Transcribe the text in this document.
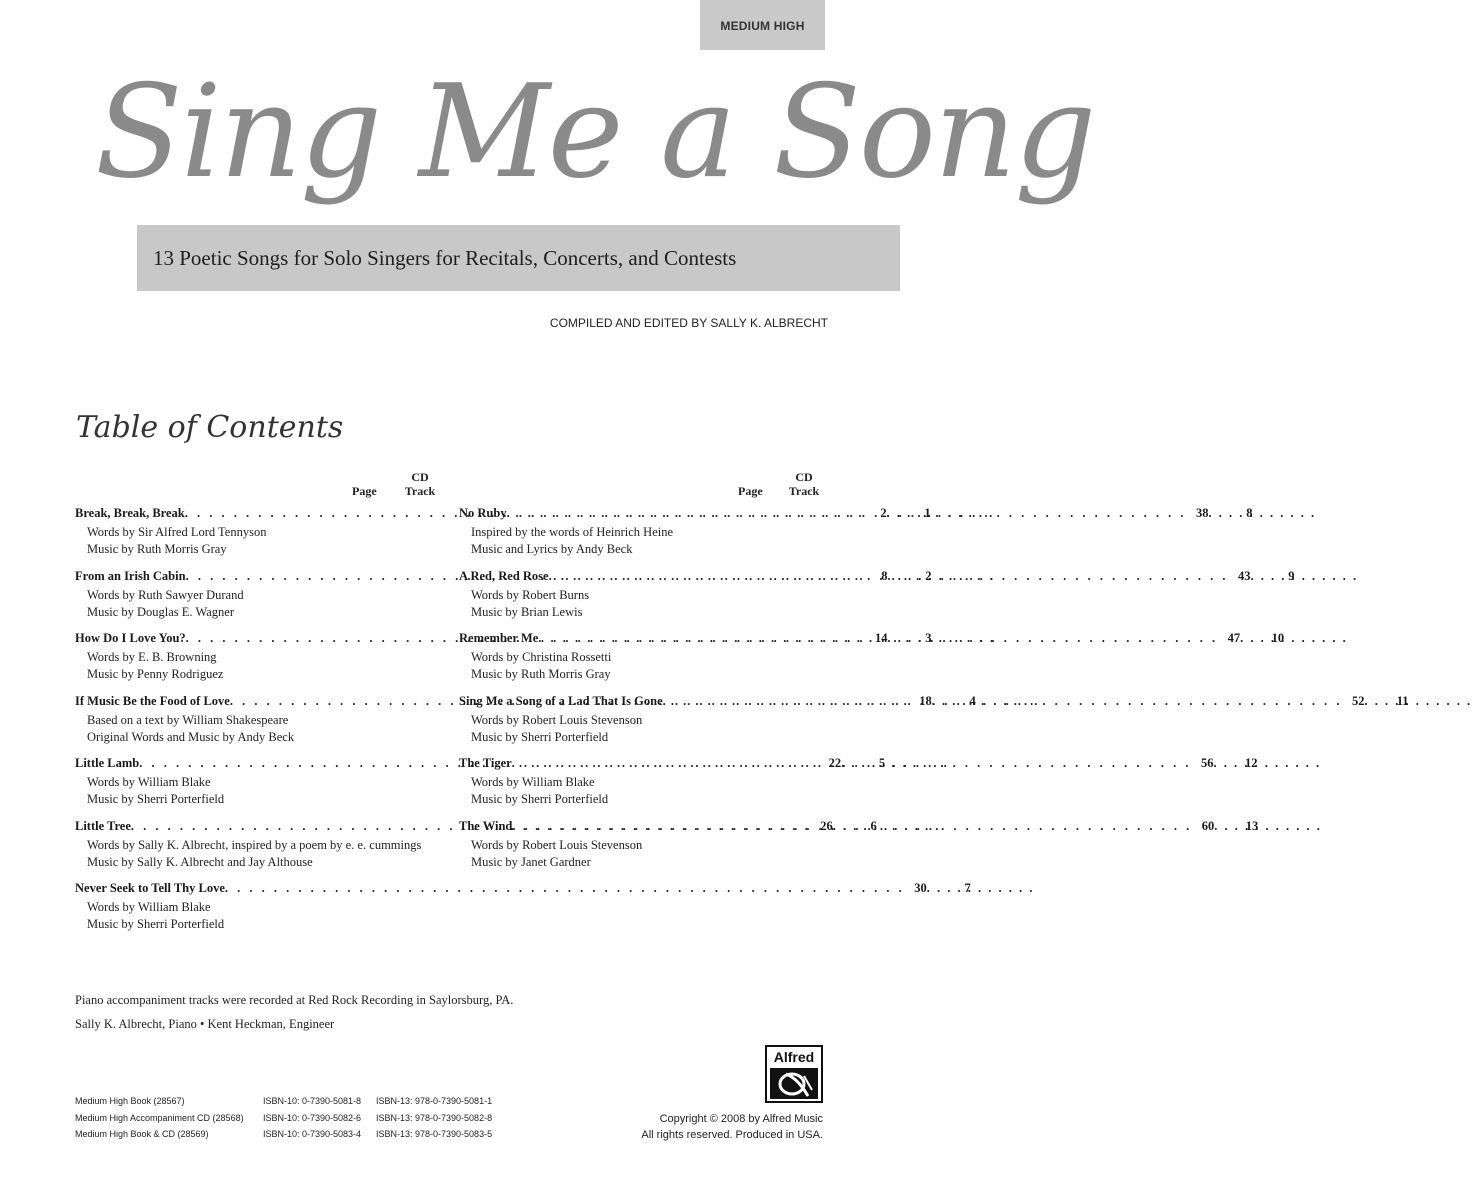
MEDIUM HIGH
Sing Me a Song
13 Poetic Songs for Solo Singers for Recitals, Concerts, and Contests
COMPILED AND EDITED BY SALLY K. ALBRECHT
Table of Contents
Page
CD
Track	Page
CD
Track
Break, Break, Break . . .	2 . . .	1
Words by Sir Alfred Lord Tennyson
Music by Ruth Morris Gray
From an Irish Cabin . . .	8 . . .	2
Words by Ruth Sawyer Durand
Music by Douglas E. Wagner
How Do I Love You? . . .	14 . . .	3
Words by E. B. Browning
Music by Penny Rodriguez
If Music Be the Food of Love . . .	18 . . .	4
Based on a text by William Shakespeare
Original Words and Music by Andy Beck
Little Lamb . . .	22 . . .	5
Words by William Blake
Music by Sherri Porterfield
Little Tree . . .	26 . . .	6
Words by Sally K. Albrecht, inspired by a poem by e. e. cummings
Music by Sally K. Albrecht and Jay Althouse
Never Seek to Tell Thy Love . . .	30 . . .	7
Words by William Blake
Music by Sherri Porterfield
No Ruby . . .	38 . . .	8
Inspired by the words of Heinrich Heine
Music and Lyrics by Andy Beck
A Red, Red Rose . . .	43 . . .	9
Words by Robert Burns
Music by Brian Lewis
Remember Me . . .	47 . . .	10
Words by Christina Rossetti
Music by Ruth Morris Gray
Sing Me a Song of a Lad That Is Gone . . .	52 . . .	11
Words by Robert Louis Stevenson
Music by Sherri Porterfield
The Tiger . . .	56 . . .	12
Words by William Blake
Music by Sherri Porterfield
The Wind . . .	60 . . .	13
Words by Robert Louis Stevenson
Music by Janet Gardner
Piano accompaniment tracks were recorded at Red Rock Recording in Saylorsburg, PA.
Sally K. Albrecht, Piano • Kent Heckman, Engineer
Medium High Book (28567)	ISBN-10: 0-7390-5081-8	ISBN-13: 978-0-7390-5081-1
Medium High Accompaniment CD (28568)	ISBN-10: 0-7390-5082-6	ISBN-13: 978-0-7390-5082-8
Medium High Book & CD (28569)	ISBN-10: 0-7390-5083-4	ISBN-13: 978-0-7390-5083-5
Alfred
Copyright © 2008 by Alfred Music
All rights reserved. Produced in USA.
